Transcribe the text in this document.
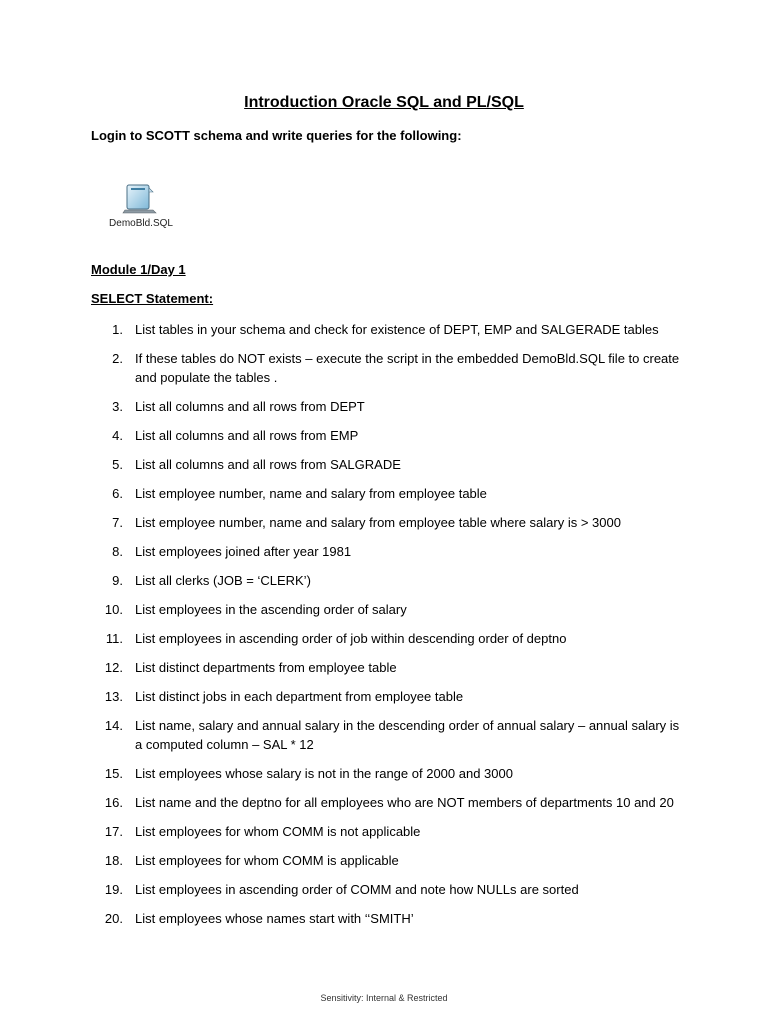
Introduction Oracle SQL and PL/SQL
Login to SCOTT schema and write queries for the following:
DemoBld.SQL
Module 1/Day 1
SELECT Statement:
1. List tables in your schema and check for existence of DEPT, EMP and SALGERADE tables
2. If these tables do NOT exists – execute the script in the embedded DemoBld.SQL file to create and populate the tables .
3. List all columns and all rows from DEPT
4. List all columns and all rows from EMP
5. List all columns and all rows from SALGRADE
6. List employee number, name and salary from employee table
7. List employee number, name and salary from employee table where salary is > 3000
8. List employees joined after year 1981
9. List all clerks (JOB = ‘CLERK’)
10. List employees in the ascending order of salary
11. List employees in ascending order of job within descending order of deptno
12. List distinct departments from employee table
13. List distinct jobs in each department from employee table
14. List name, salary and annual salary in the descending order of annual salary – annual salary is a computed column – SAL * 12
15. List employees whose salary is not in the range of 2000 and 3000
16. List name and the deptno for all employees who are NOT members of departments 10 and 20
17. List employees for whom COMM is not applicable
18. List employees for whom COMM is applicable
19. List employees in ascending order of COMM and note how NULLs are sorted
20. List employees whose names start with ‘‘SMITH’
Sensitivity: Internal & Restricted
